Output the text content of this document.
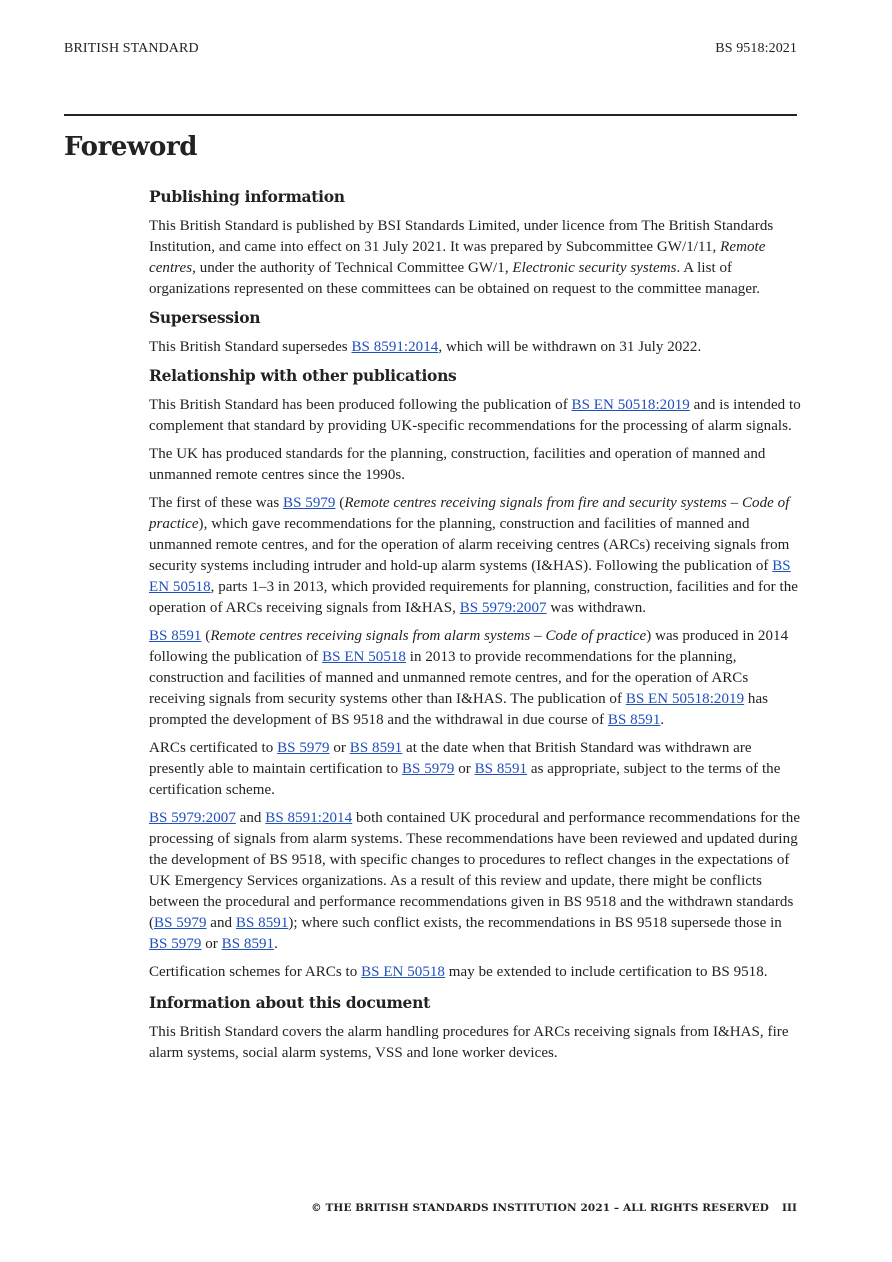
BRITISH STANDARD	BS 9518:2021
Foreword
Publishing information

This British Standard is published by BSI Standards Limited, under licence from The British Standards Institution, and came into effect on 31 July 2021. It was prepared by Subcommittee GW/1/11, Remote centres, under the authority of Technical Committee GW/1, Electronic security systems. A list of organizations represented on these committees can be obtained on request to the committee manager.

Supersession

This British Standard supersedes BS 8591:2014, which will be withdrawn on 31 July 2022.

Relationship with other publications

This British Standard has been produced following the publication of BS EN 50518:2019 and is intended to complement that standard by providing UK-specific recommendations for the processing of alarm signals.

The UK has produced standards for the planning, construction, facilities and operation of manned and unmanned remote centres since the 1990s.

The first of these was BS 5979 (Remote centres receiving signals from fire and security systems – Code of practice), which gave recommendations for the planning, construction and facilities of manned and unmanned remote centres, and for the operation of alarm receiving centres (ARCs) receiving signals from security systems including intruder and hold-up alarm systems (I&HAS). Following the publication of BS EN 50518, parts 1–3 in 2013, which provided requirements for planning, construction, facilities and for the operation of ARCs receiving signals from I&HAS, BS 5979:2007 was withdrawn.

BS 8591 (Remote centres receiving signals from alarm systems – Code of practice) was produced in 2014 following the publication of BS EN 50518 in 2013 to provide recommendations for the planning, construction and facilities of manned and unmanned remote centres, and for the operation of ARCs receiving signals from security systems other than I&HAS. The publication of BS EN 50518:2019 has prompted the development of BS 9518 and the withdrawal in due course of BS 8591.

ARCs certificated to BS 5979 or BS 8591 at the date when that British Standard was withdrawn are presently able to maintain certification to BS 5979 or BS 8591 as appropriate, subject to the terms of the certification scheme.

BS 5979:2007 and BS 8591:2014 both contained UK procedural and performance recommendations for the processing of signals from alarm systems. These recommendations have been reviewed and updated during the development of BS 9518, with specific changes to procedures to reflect changes in the expectations of UK Emergency Services organizations. As a result of this review and update, there might be conflicts between the procedural and performance recommendations given in BS 9518 and the withdrawn standards (BS 5979 and BS 8591); where such conflict exists, the recommendations in BS 9518 supersede those in BS 5979 or BS 8591.

Certification schemes for ARCs to BS EN 50518 may be extended to include certification to BS 9518.

Information about this document

This British Standard covers the alarm handling procedures for ARCs receiving signals from I&HAS, fire alarm systems, social alarm systems, VSS and lone worker devices.

© THE BRITISH STANDARDS INSTITUTION 2021 – ALL RIGHTS RESERVED III
